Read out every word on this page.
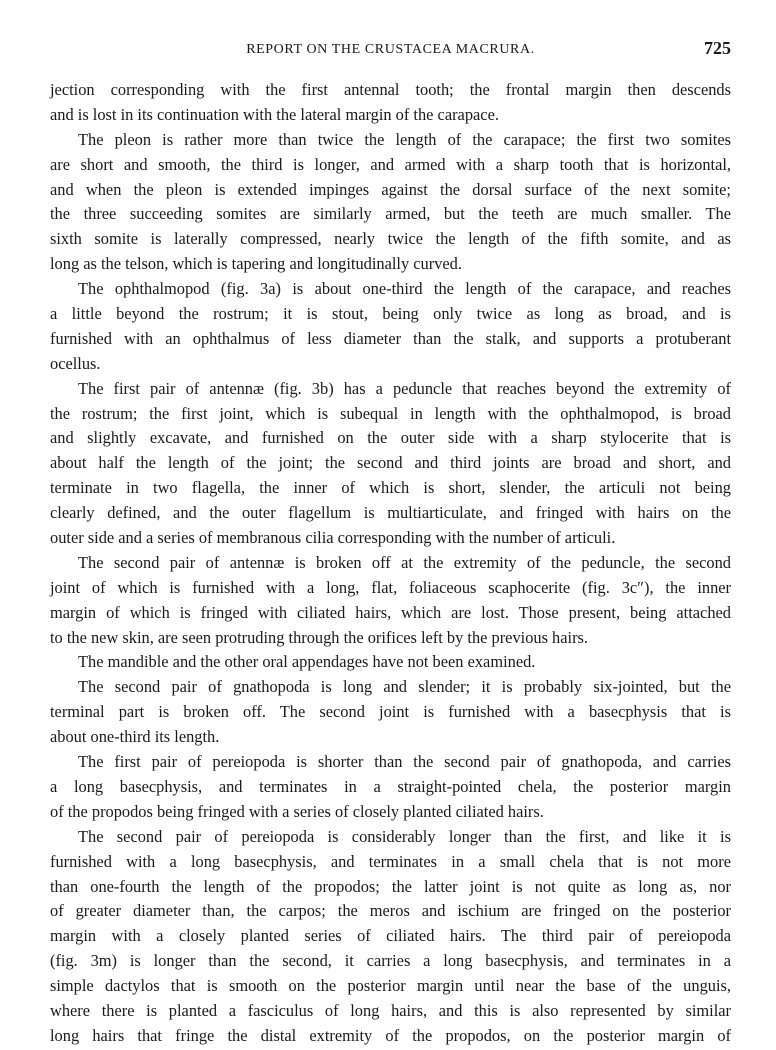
REPORT ON THE CRUSTACEA MACRURA.	725
jection corresponding with the first antennal tooth; the frontal margin then descends
and is lost in its continuation with the lateral margin of the carapace.
The pleon is rather more than twice the length of the carapace; the first two somites
are short and smooth, the third is longer, and armed with a sharp tooth that is horizontal,
and when the pleon is extended impinges against the dorsal surface of the next somite;
the three succeeding somites are similarly armed, but the teeth are much smaller. The
sixth somite is laterally compressed, nearly twice the length of the fifth somite, and as
long as the telson, which is tapering and longitudinally curved.
The ophthalmopod (fig. 3a) is about one-third the length of the carapace, and reaches
a little beyond the rostrum; it is stout, being only twice as long as broad, and is
furnished with an ophthalmus of less diameter than the stalk, and supports a protuberant
ocellus.
The first pair of antennæ (fig. 3b) has a peduncle that reaches beyond the extremity of
the rostrum; the first joint, which is subequal in length with the ophthalmopod, is broad
and slightly excavate, and furnished on the outer side with a sharp stylocerite that is
about half the length of the joint; the second and third joints are broad and short, and
terminate in two flagella, the inner of which is short, slender, the articuli not being
clearly defined, and the outer flagellum is multiarticulate, and fringed with hairs on the
outer side and a series of membranous cilia corresponding with the number of articuli.
The second pair of antennæ is broken off at the extremity of the peduncle, the second
joint of which is furnished with a long, flat, foliaceous scaphocerite (fig. 3c″), the inner
margin of which is fringed with ciliated hairs, which are lost. Those present, being attached
to the new skin, are seen protruding through the orifices left by the previous hairs.
The mandible and the other oral appendages have not been examined.
The second pair of gnathopoda is long and slender; it is probably six-jointed, but the
terminal part is broken off. The second joint is furnished with a basecphysis that is
about one-third its length.
The first pair of pereiopoda is shorter than the second pair of gnathopoda, and carries
a long basecphysis, and terminates in a straight-pointed chela, the posterior margin
of the propodos being fringed with a series of closely planted ciliated hairs.
The second pair of pereiopoda is considerably longer than the first, and like it is
furnished with a long basecphysis, and terminates in a small chela that is not more
than one-fourth the length of the propodos; the latter joint is not quite as long as, nor
of greater diameter than, the carpos; the meros and ischium are fringed on the posterior
margin with a closely planted series of ciliated hairs. The third pair of pereiopoda
(fig. 3m) is longer than the second, it carries a long basecphysis, and terminates in a
simple dactylos that is smooth on the posterior margin until near the base of the unguis,
where there is planted a fasciculus of long hairs, and this is also represented by similar
long hairs that fringe the distal extremity of the propodos, on the posterior margin of
